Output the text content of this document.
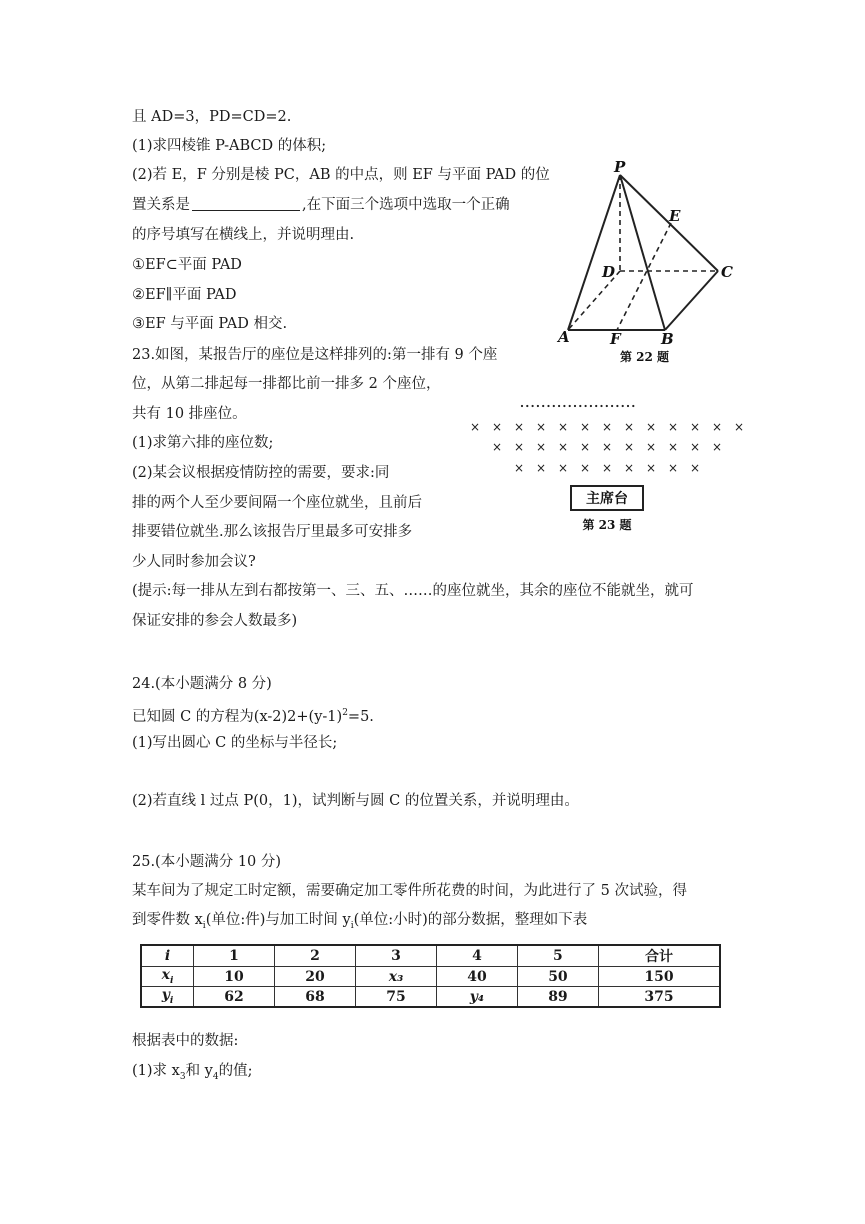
且 AD=3，PD=CD=2.
(1)求四棱锥 P-ABCD 的体积;
(2)若 E，F 分别是棱 PC，AB 的中点，则 EF 与平面 PAD 的位
置关系是	,在下面三个选项中选取一个正确
的序号填写在横线上，并说明理由.
①EF⊂平面 PAD
②EF∥平面 PAD
③EF 与平面 PAD 相交.
P
E
D	C
A	F	B
第 22 题
23.如图，某报告厅的座位是这样排列的:第一排有 9 个座
位，从第二排起每一排都比前一排多 2 个座位，
共有 10 排座位。
(1)求第六排的座位数;
(2)某会议根据疫情防控的需要，要求:同
排的两个人至少要间隔一个座位就坐，且前后
排要错位就坐.那么该报告厅里最多可安排多
少人同时参加会议?
(提示:每一排从左到右都按第一、三、五、……的座位就坐，其余的座位不能就坐，就可
保证安排的参会人数最多)
× × × × × × × × × × × × ×
× × × × × × × × × × ×
× × × × × × × × ×
主席台
第 23 题
24.(本小题满分 8 分)
已知圆 C 的方程为$(x-2)2+(y-1)^2=5$.
(1)写出圆心 C 的坐标与半径长;
(2)若直线 l 过点 P(0，1)，试判断与圆 C 的位置关系，并说明理由。
25.(本小题满分 10 分)
某车间为了规定工时定额，需要确定加工零件所花费的时间，为此进行了 5 次试验，得
到零件数 $x_i$(单位:件)与加工时间 $y_i$(单位:小时)的部分数据，整理如下表
i	1	2	3	4	5	合计
$x_i$	10	20	x₃	40	50	150
$y_i$	62	68	75	y₄	89	375
根据表中的数据:
(1)求 $x_3$和 $y_4$的值;
